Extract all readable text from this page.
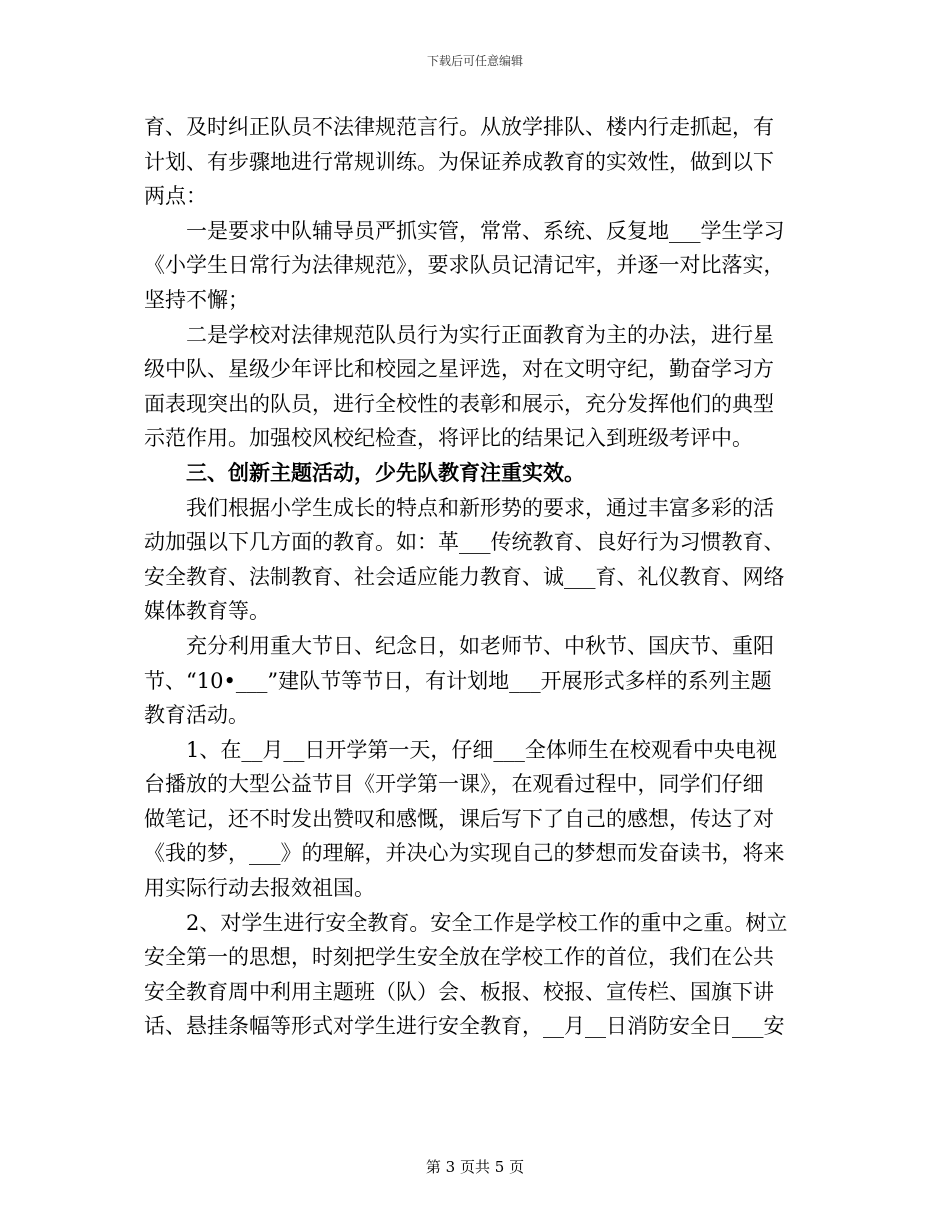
下载后可任意编辑
育、及时纠正队员不法律规范言行。从放学排队、楼内行走抓起，有
计划、有步骤地进行常规训练。为保证养成教育的实效性，做到以下
两点：
　　一是要求中队辅导员严抓实管，常常、系统、反复地___学生学习
《小学生日常行为法律规范》，要求队员记清记牢，并逐一对比落实，
坚持不懈；
　　二是学校对法律规范队员行为实行正面教育为主的办法，进行星
级中队、星级少年评比和校园之星评选，对在文明守纪，勤奋学习方
面表现突出的队员，进行全校性的表彰和展示，充分发挥他们的典型
示范作用。加强校风校纪检查，将评比的结果记入到班级考评中。
　　三、创新主题活动，少先队教育注重实效。
　　我们根据小学生成长的特点和新形势的要求，通过丰富多彩的活
动加强以下几方面的教育。如：革___传统教育、良好行为习惯教育、
安全教育、法制教育、社会适应能力教育、诚___育、礼仪教育、网络
媒体教育等。
　　充分利用重大节日、纪念日，如老师节、中秋节、国庆节、重阳
节、“10•___”建队节等节日，有计划地___开展形式多样的系列主题
教育活动。
　　1、在__月__日开学第一天，仔细___全体师生在校观看中央电视
台播放的大型公益节目《开学第一课》，在观看过程中，同学们仔细
做笔记，还不时发出赞叹和感慨，课后写下了自己的感想，传达了对
《我的梦，___》的理解，并决心为实现自己的梦想而发奋读书，将来
用实际行动去报效祖国。
　　2、对学生进行安全教育。安全工作是学校工作的重中之重。树立
安全第一的思想，时刻把学生安全放在学校工作的首位，我们在公共
安全教育周中利用主题班（队）会、板报、校报、宣传栏、国旗下讲
话、悬挂条幅等形式对学生进行安全教育，__月__日消防安全日___安
第 3 页共 5 页
